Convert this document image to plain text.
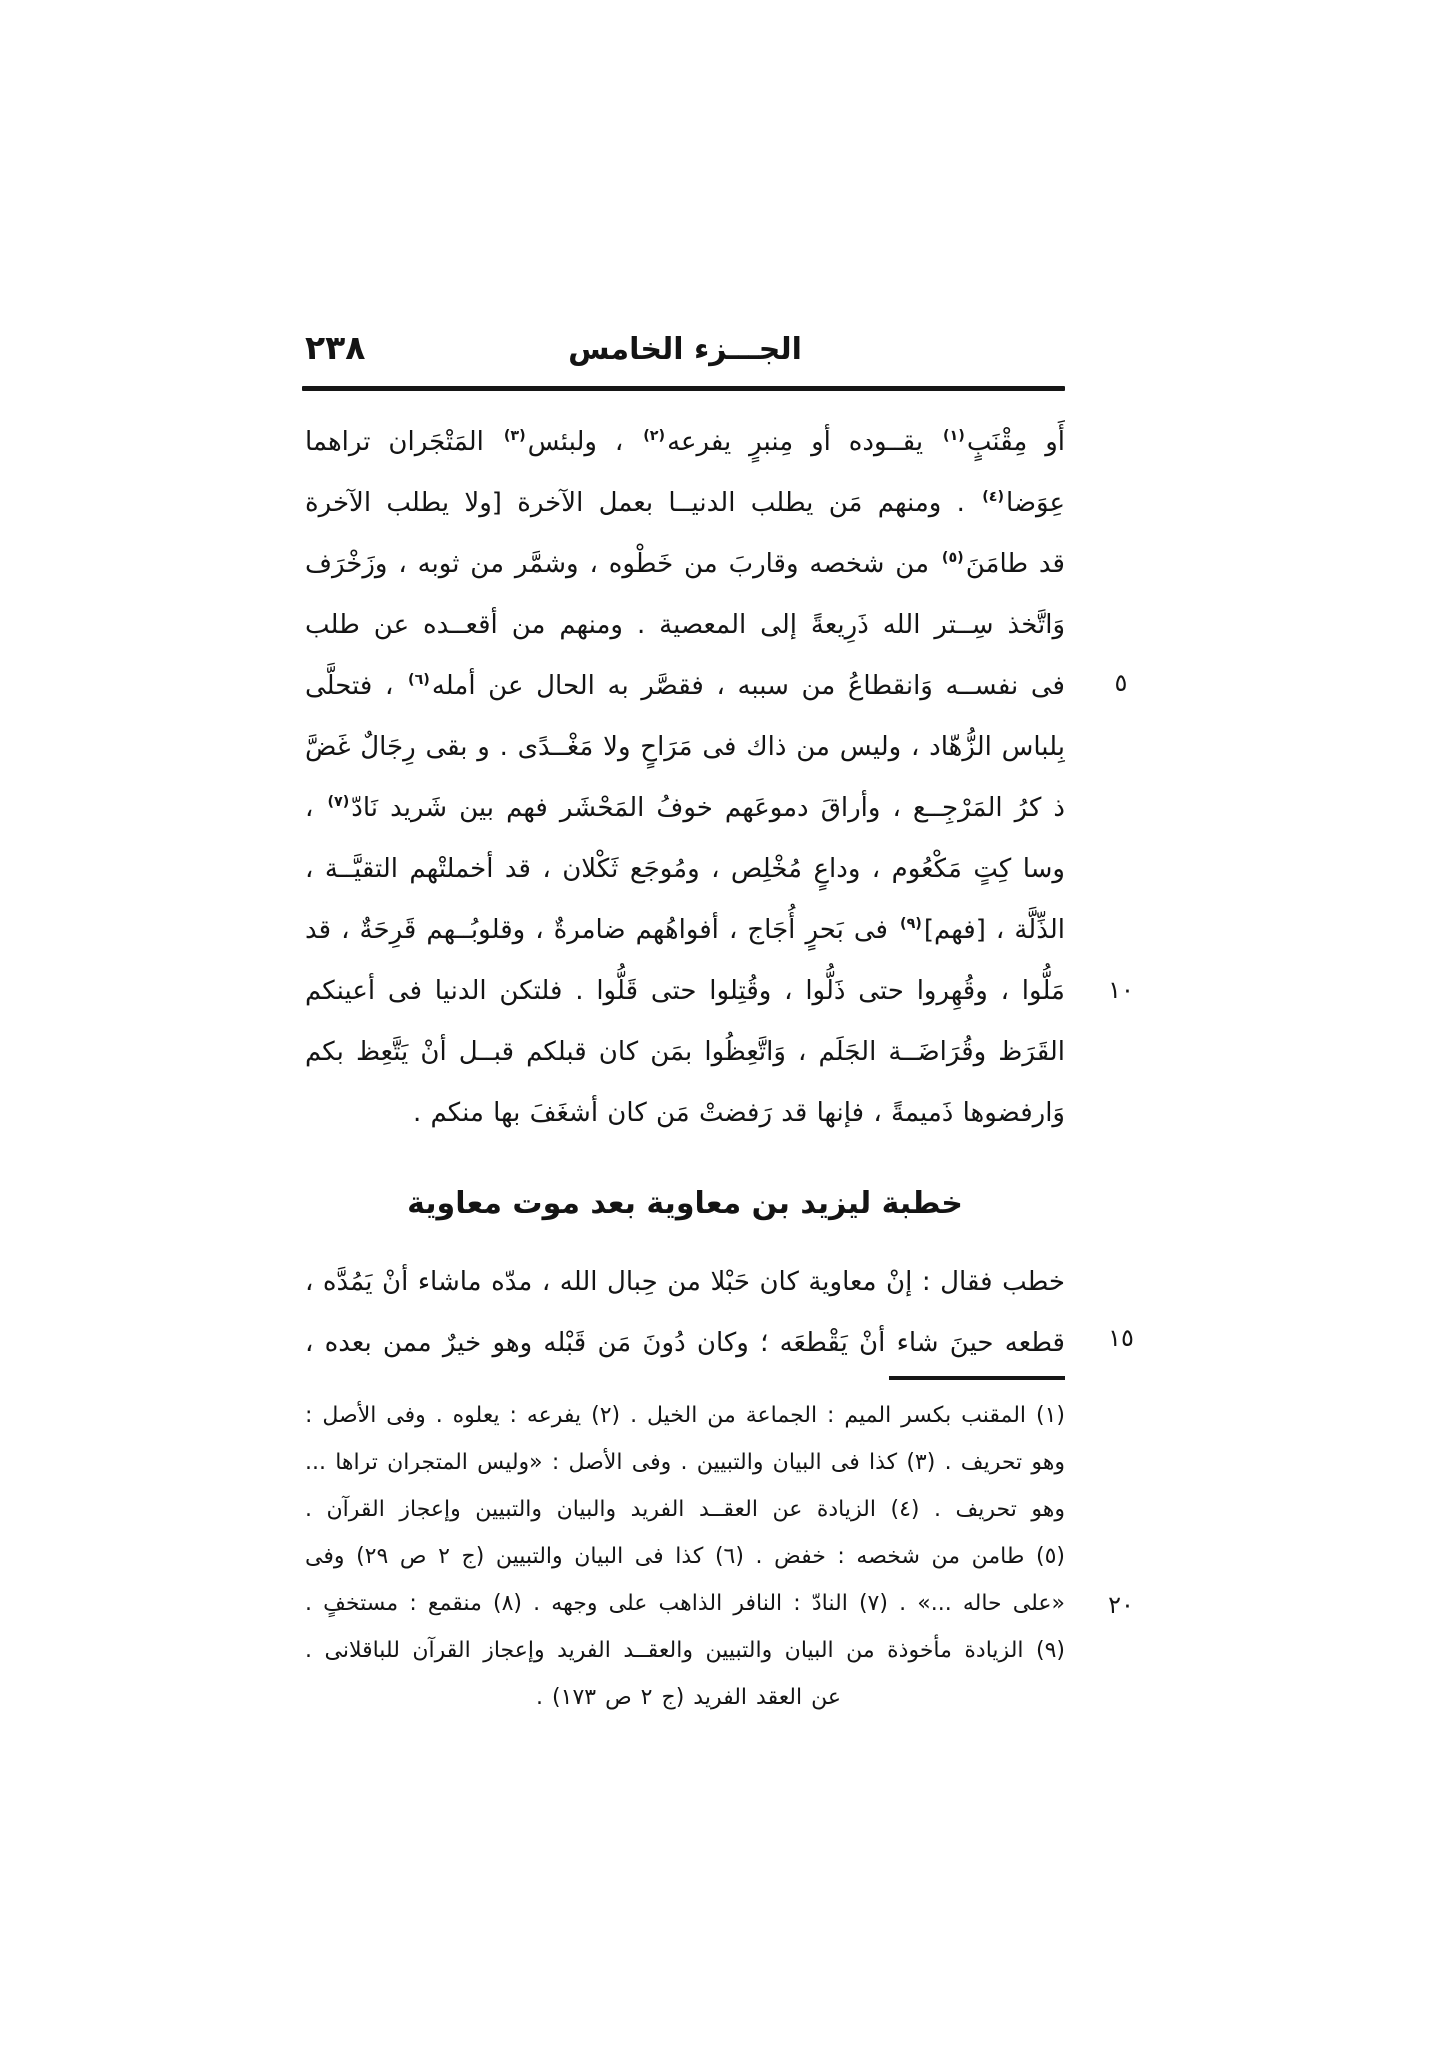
الجـــزء الخامس
٢٣٨
أَو مِقْنَبٍ$^{(١)}$ يقــوده أو مِنبرٍ يفرعه$^{(٢)}$ ، ولبئس$^{(٣)}$ المَتْجَران تراهما
عِوَضا$^{(٤)}$ . ومنهم مَن يطلب الدنيــا بعمل الآخرة [ولا يطلب الآخرة
قد طامَنَ$^{(٥)}$ من شخصه وقاربَ من خَطْوه ، وشمَّر من ثوبه ، وزَخْرَف
وَاتَّخذ سِــتر الله ذَرِيعةً إلى المعصية . ومنهم من أقعــده عن طلب
فى نفســه وَانقطاعُ من سببه ، فقصَّر به الحال عن أمله$^{(٦)}$ ، فتحلَّى
بِلباس الزُّهّاد ، وليس من ذاك فى مَرَاحٍ ولا مَغْــدًى . و بقى رِجَالٌ غَضَّ
ذ كرُ المَرْجِــع ، وأراقَ دموعَهم خوفُ المَحْشَر فهم بين شَريد نَادّ$^{(٧)}$ ،
وسا كِتٍ مَكْعُوم ، وداعٍ مُخْلِص ، ومُوجَع ثَكْلان ، قد أخملتْهم التقيَّــة ،
الذِّلَّة ، [فهم]$^{(٩)}$ فى بَحرٍ أُجَاج ، أفواهُهم ضامرةٌ ، وقلوبُــهم قَرِحَةٌ ، قد
مَلُّوا ، وقُهِروا حتى ذَلُّوا ، وقُتِلوا حتى قَلُّوا . فلتكن الدنيا فى أعينكم
القَرَظ وقُرَاضَــة الجَلَم ، وَاتَّعِظُوا بمَن كان قبلكم قبــل أنْ يَتَّعِظ بكم
وَارفضوها ذَميمةً ، فإنها قد رَفضتْ مَن كان أشغَفَ بها منكم .
خطبة ليزيد بن معاوية بعد موت معاوية
خطب فقال : إنْ معاوية كان حَبْلا من حِبال الله ، مدّه ماشاء أنْ يَمُدَّه ،
قطعه حينَ شاء أنْ يَقْطعَه ؛ وكان دُونَ مَن قَبْله وهو خيرٌ ممن بعده ،
(١) المقنب بكسر الميم : الجماعة من الخيل . (٢) يفرعه : يعلوه . وفى الأصل :
وهو تحريف . (٣) كذا فى البيان والتبيين . وفى الأصل : «وليس المتجران تراها ...
وهو تحريف . (٤) الزيادة عن العقــد الفريد والبيان والتبيين وإعجاز القرآن .
(٥) طامن من شخصه : خفض . (٦) كذا فى البيان والتبيين (ج ٢ ص ٢٩) وفى
«على حاله ...» . (٧) النادّ : النافر الذاهب على وجهه . (٨) منقمع : مستخفٍ .
(٩) الزيادة مأخوذة من البيان والتبيين والعقــد الفريد وإعجاز القرآن للباقلانى .
عن العقد الفريد (ج ٢ ص ١٧٣) .
٥
١٠
١٥
٢٠
